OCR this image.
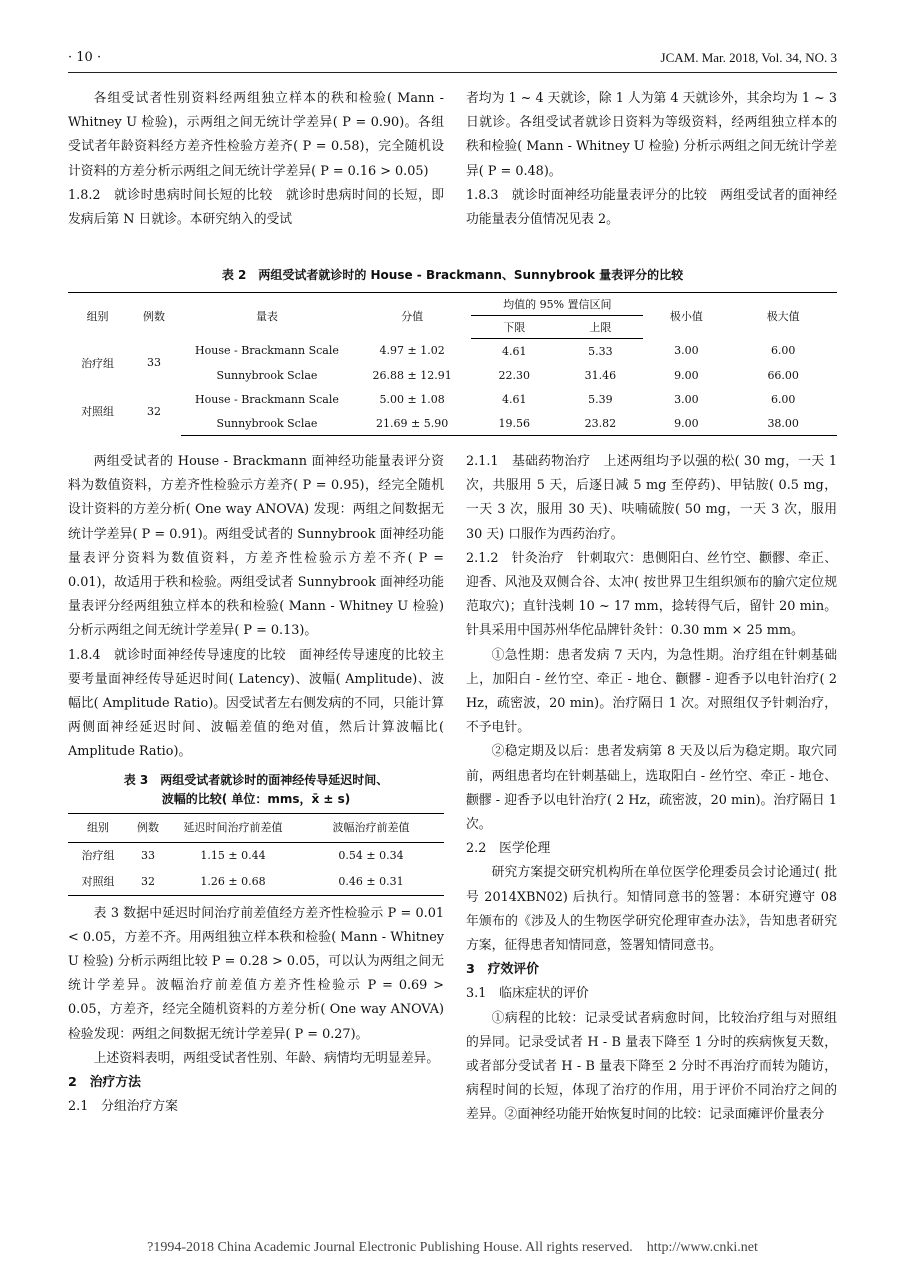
· 10 ·	JCAM. Mar. 2018, Vol. 34, NO. 3

各组受试者性别资料经两组独立样本的秩和检验( Mann - Whitney U 检验)，示两组之间无统计学差异( P = 0.90)。各组受试者年龄资料经方差齐性检验方差齐( P = 0.58)，完全随机设计资料的方差分析示两组之间无统计学差异( P = 0.16 > 0.05)

1.8.2　就诊时患病时间长短的比较　就诊时患病时间的长短，即发病后第 N 日就诊。本研究纳入的受试

者均为 1 ~ 4 天就诊，除 1 人为第 4 天就诊外，其余均为 1 ~ 3 日就诊。各组受试者就诊日资料为等级资料，经两组独立样本的秩和检验( Mann - Whitney U 检验) 分析示两组之间无统计学差异( P = 0.48)。

1.8.3　就诊时面神经功能量表评分的比较　两组受试者的面神经功能量表分值情况见表 2。

表 2　两组受试者就诊时的 House - Brackmann、Sunnybrook 量表评分的比较
组别	例数	量表	分值	均值的 95% 置信区间		极小值	极大值
				下限	上限		
治疗组	33	House - Brackmann Scale	4.97 ± 1.02	4.61	5.33	3.00	6.00
		Sunnybrook Sclae	26.88 ± 12.91	22.30	31.46	9.00	66.00
对照组	32	House - Brackmann Scale	5.00 ± 1.08	4.61	5.39	3.00	6.00
		Sunnybrook Sclae	21.69 ± 5.90	19.56	23.82	9.00	38.00

两组受试者的 House - Brackmann 面神经功能量表评分资料为数值资料，方差齐性检验示方差齐( P = 0.95)，经完全随机设计资料的方差分析( One way ANOVA) 发现：两组之间数据无统计学差异( P = 0.91)。两组受试者的 Sunnybrook 面神经功能量表评分资料为数值资料，方差齐性检验示方差不齐( P = 0.01)，故适用于秩和检验。两组受试者 Sunnybrook 面神经功能量表评分经两组独立样本的秩和检验( Mann - Whitney U 检验) 分析示两组之间无统计学差异( P = 0.13)。

1.8.4　就诊时面神经传导速度的比较　面神经传导速度的比较主要考量面神经传导延迟时间( Latency)、波幅( Amplitude)、波幅比( Amplitude Ratio)。因受试者左右侧发病的不同，只能计算两侧面神经延迟时间、波幅差值的绝对值，然后计算波幅比( Amplitude Ratio)。

表 3　两组受试者就诊时的面神经传导延迟时间、
波幅的比较( 单位：mms，x̄ ± s)
组别	例数	延迟时间治疗前差值	波幅治疗前差值
治疗组	33	1.15 ± 0.44	0.54 ± 0.34
对照组	32	1.26 ± 0.68	0.46 ± 0.31

表 3 数据中延迟时间治疗前差值经方差齐性检验示 P = 0.01 < 0.05，方差不齐。用两组独立样本秩和检验( Mann - Whitney U 检验) 分析示两组比较 P = 0.28 > 0.05，可以认为两组之间无统计学差异。波幅治疗前差值方差齐性检验示 P = 0.69 > 0.05，方差齐，经完全随机资料的方差分析( One way ANOVA) 检验发现：两组之间数据无统计学差异( P = 0.27)。

上述资料表明，两组受试者性别、年龄、病情均无明显差异。

2　治疗方法

2.1　分组治疗方案

2.1.1　基础药物治疗　上述两组均予以强的松( 30 mg，一天 1 次，共服用 5 天，后逐日减 5 mg 至停药)、甲钴胺( 0.5 mg，一天 3 次，服用 30 天)、呋喃硫胺( 50 mg，一天 3 次，服用 30 天) 口服作为西药治疗。

2.1.2　针灸治疗　针刺取穴：患侧阳白、丝竹空、颧髎、牵正、迎香、风池及双侧合谷、太冲( 按世界卫生组织颁布的腧穴定位规范取穴)；直针浅刺 10 ~ 17 mm，捻转得气后，留针 20 min。针具采用中国苏州华佗品牌针灸针：0.30 mm × 25 mm。

①急性期：患者发病 7 天内，为急性期。治疗组在针刺基础上，加阳白 - 丝竹空、牵正 - 地仓、颧髎 - 迎香予以电针治疗( 2 Hz，疏密波，20 min)。治疗隔日 1 次。对照组仅予针刺治疗，不予电针。

②稳定期及以后：患者发病第 8 天及以后为稳定期。取穴同前，两组患者均在针刺基础上，选取阳白 - 丝竹空、牵正 - 地仓、颧髎 - 迎香予以电针治疗( 2 Hz，疏密波，20 min)。治疗隔日 1 次。

2.2　医学伦理

研究方案提交研究机构所在单位医学伦理委员会讨论通过( 批号 2014XBN02) 后执行。知情同意书的签署：本研究遵守 08 年颁布的《涉及人的生物医学研究伦理审查办法》，告知患者研究方案，征得患者知情同意，签署知情同意书。

3　疗效评价

3.1　临床症状的评价

①病程的比较：记录受试者病愈时间，比较治疗组与对照组的异同。记录受试者 H - B 量表下降至 1 分时的疾病恢复天数，或者部分受试者 H - B 量表下降至 2 分时不再治疗而转为随访，病程时间的长短，体现了治疗的作用，用于评价不同治疗之间的差异。②面神经功能开始恢复时间的比较：记录面瘫评价量表分

?1994-2018 China Academic Journal Electronic Publishing House. All rights reserved.　http://www.cnki.net
